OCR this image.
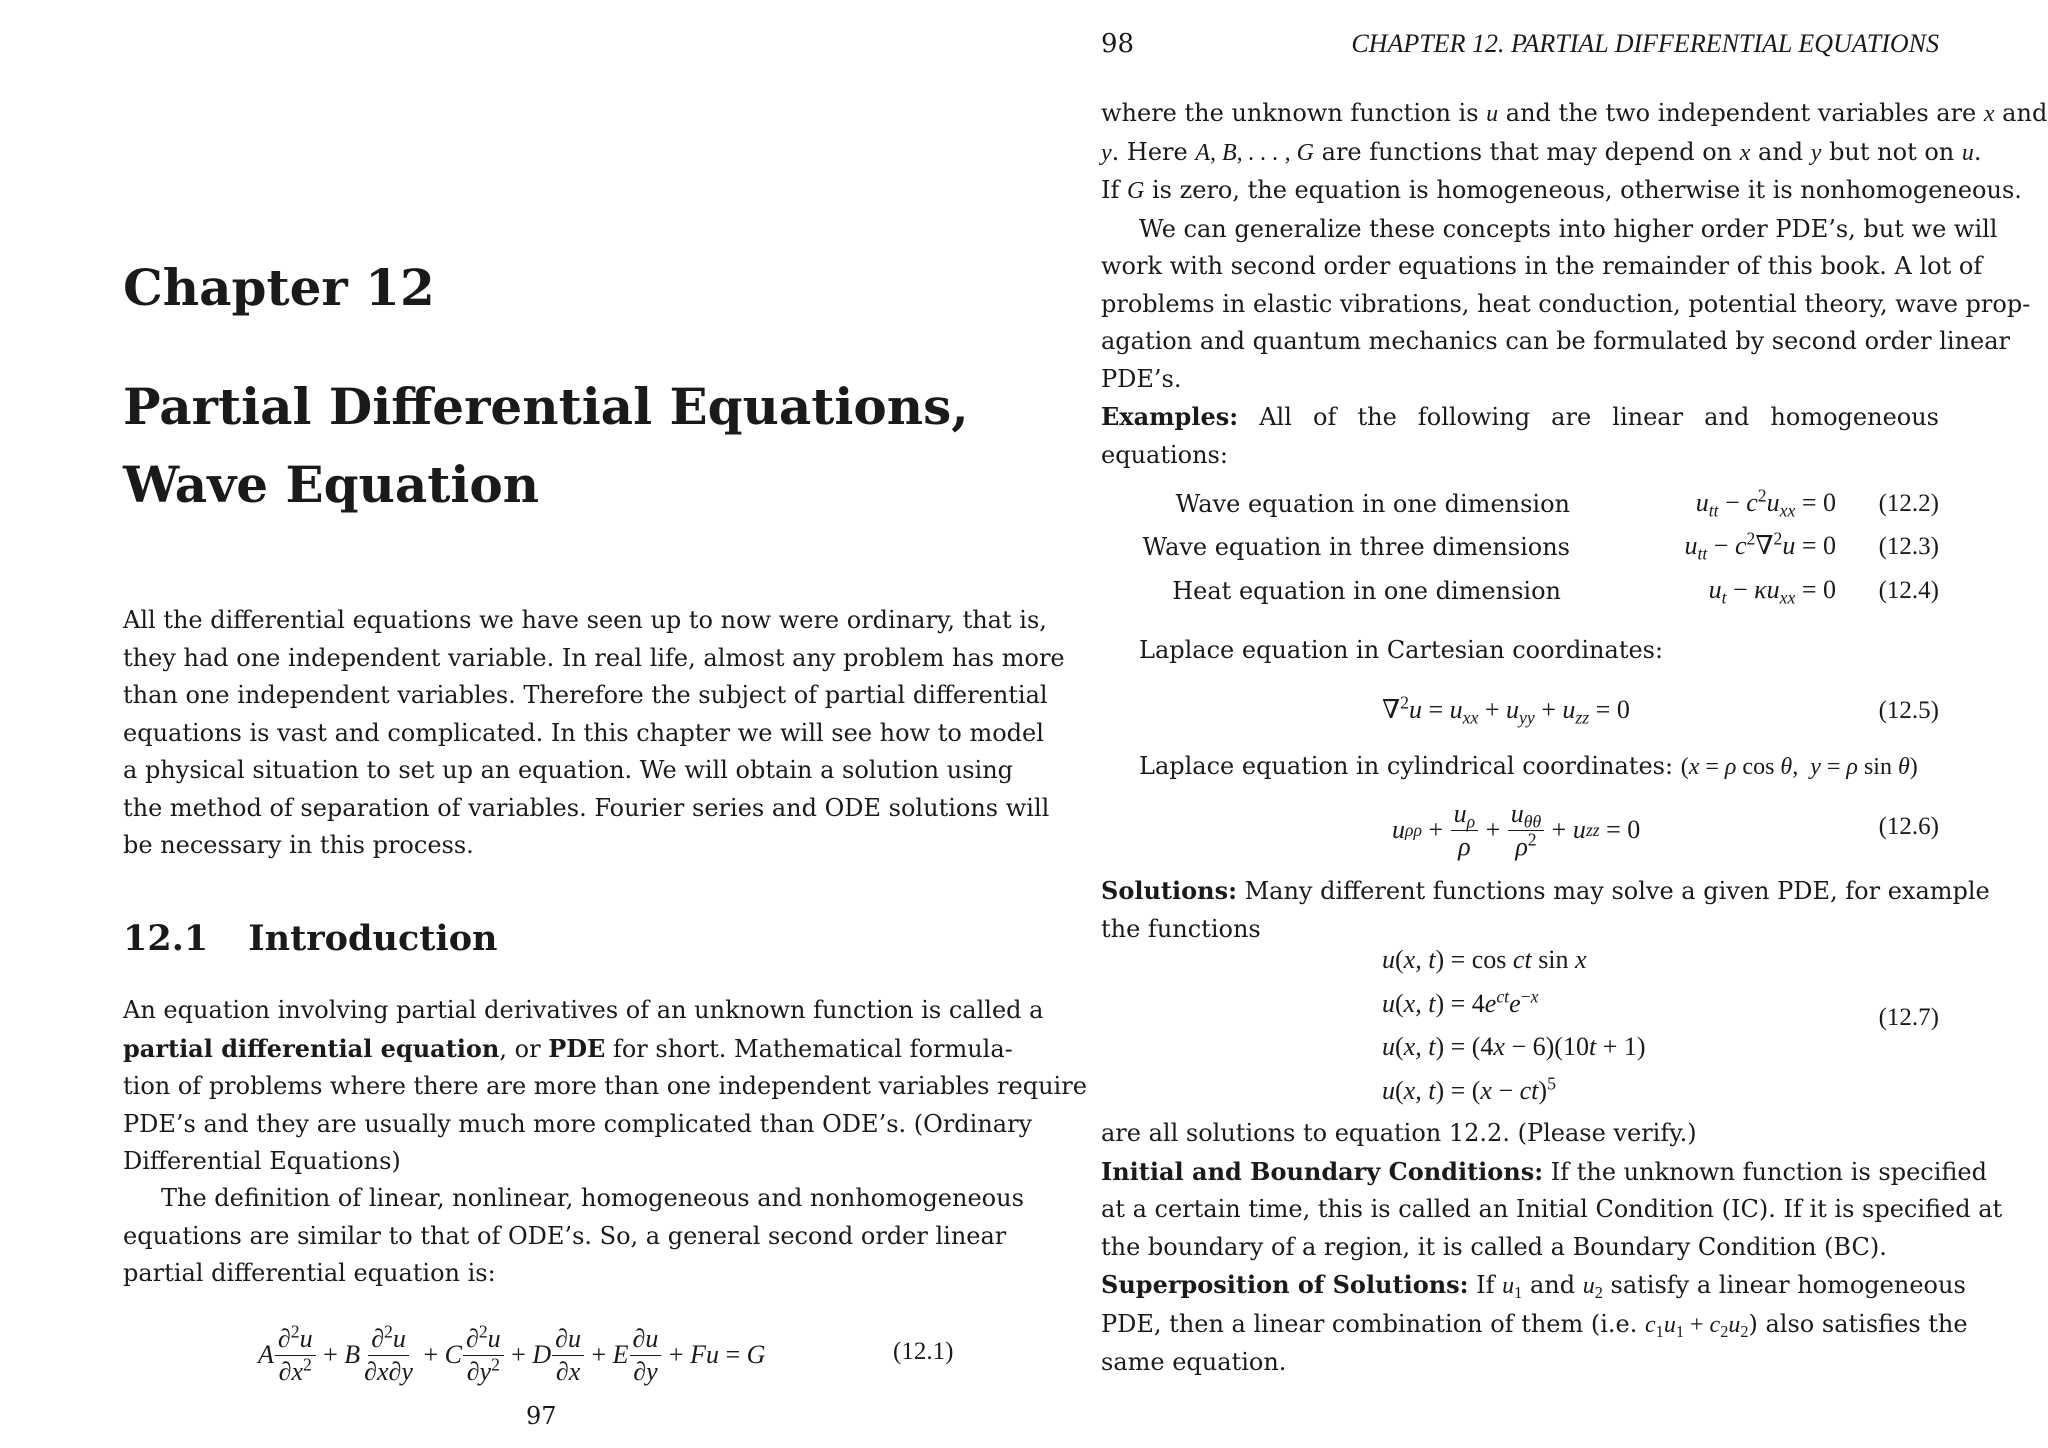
Chapter 12
Partial Differential Equations,
Wave Equation
All the differential equations we have seen up to now were ordinary, that is,
they had one independent variable. In real life, almost any problem has more
than one independent variables. Therefore the subject of partial differential
equations is vast and complicated. In this chapter we will see how to model
a physical situation to set up an equation. We will obtain a solution using
the method of separation of variables. Fourier series and ODE solutions will
be necessary in this process.
12.1 Introduction
An equation involving partial derivatives of an unknown function is called a
partial differential equation, or PDE for short. Mathematical formula-
tion of problems where there are more than one independent variables require
PDE’s and they are usually much more complicated than ODE’s. (Ordinary
Differential Equations)
The definition of linear, nonlinear, homogeneous and nonhomogeneous
equations are similar to that of ODE’s. So, a general second order linear
partial differential equation is:
A $\frac{\partial^2u}{\partial x^2} + B \frac{\partial^2u}{\partial x\partial y} + C \frac{\partial^2u}{\partial y^2} + D \frac{\partial u}{\partial x} + E \frac{\partial u}{\partial y} + Fu = G$	(12.1)
97
98	CHAPTER 12. PARTIAL DIFFERENTIAL EQUATIONS
where the unknown function is u and the two independent variables are x and
y. Here A, B, . . . , G are functions that may depend on x and y but not on u.
If G is zero, the equation is homogeneous, otherwise it is nonhomogeneous.
We can generalize these concepts into higher order PDE’s, but we will
work with second order equations in the remainder of this book. A lot of
problems in elastic vibrations, heat conduction, potential theory, wave prop-
agation and quantum mechanics can be formulated by second order linear
PDE’s.
Examples: All of the following are linear and homogeneous equations:
Wave equation in one dimension	$u_{tt} - c^2u_{xx} = 0$ (12.2)
Wave equation in three dimensions	$u_{tt} - c^2\nabla^2u = 0$ (12.3)
Heat equation in one dimension	$u_t - \kappa u_{xx} = 0$ (12.4)
Laplace equation in Cartesian coordinates:
$\nabla^2u = u_{xx} + u_{yy} + u_{zz} = 0$	(12.5)
Laplace equation in cylindrical coordinates: (x = ρ cos θ,  y = ρ sin θ)
u $\rho\rho + \frac{u_\rho}{\rho} + \frac{u_{\theta\theta}}{\rho^2} + u$ zz = 0	(12.6)
Solutions: Many different functions may solve a given PDE, for example
the functions
u(x, t) = cos ct sin x
u(x, $t) = 4e^{ct}e^{-x}$
u(x, t) = (4x − 6)(10t + 1)
u(x, t) = (x − ct)$^5$
(12.7)
are all solutions to equation 12.2. (Please verify.)
Initial and Boundary Conditions: If the unknown function is specified
at a certain time, this is called an Initial Condition (IC). If it is specified at
the boundary of a region, it is called a Boundary Condition (BC).
Superposition of Solutions: If $u_1$ and $u_2$ satisfy a linear homogeneous
PDE, then a linear combination of them (i.e. $c_1u_1 + c_2u_2$) also satisfies the
same equation.
